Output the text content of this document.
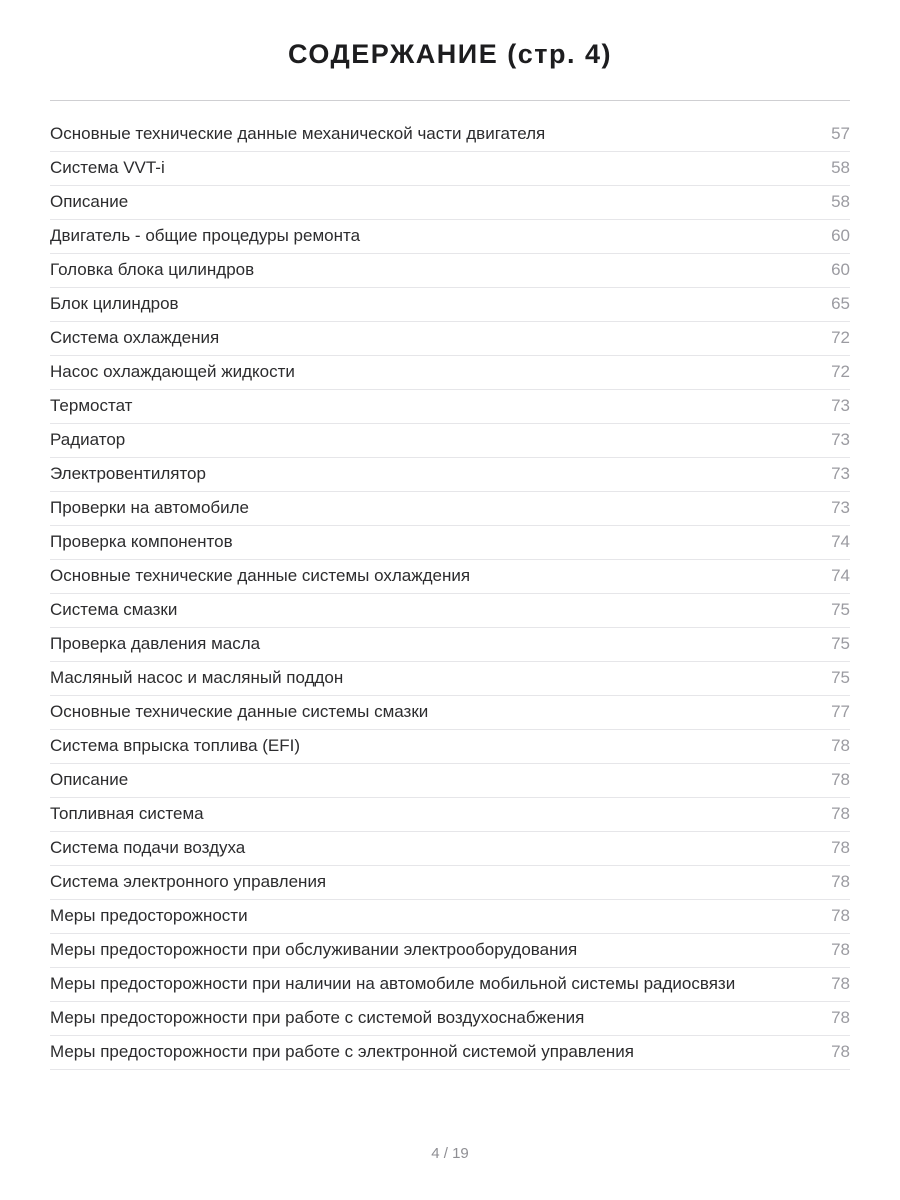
СОДЕРЖАНИЕ (стр. 4)
Основные технические данные механической части двигателя	57
Система VVT-i	58
Описание	58
Двигатель - общие процедуры ремонта	60
Головка блока цилиндров	60
Блок цилиндров	65
Система охлаждения	72
Насос охлаждающей жидкости	72
Термостат	73
Радиатор	73
Электровентилятор	73
Проверки на автомобиле	73
Проверка компонентов	74
Основные технические данные системы охлаждения	74
Система смазки	75
Проверка давления масла	75
Масляный насос и масляный поддон	75
Основные технические данные системы смазки	77
Система впрыска топлива (EFI)	78
Описание	78
Топливная система	78
Система подачи воздуха	78
Система электронного управления	78
Меры предосторожности	78
Меры предосторожности при обслуживании электрооборудования	78
Меры предосторожности при наличии на автомобиле мобильной системы радиосвязи	78
Меры предосторожности при работе с системой воздухоснабжения	78
Меры предосторожности при работе с электронной системой управления	78
4 / 19
